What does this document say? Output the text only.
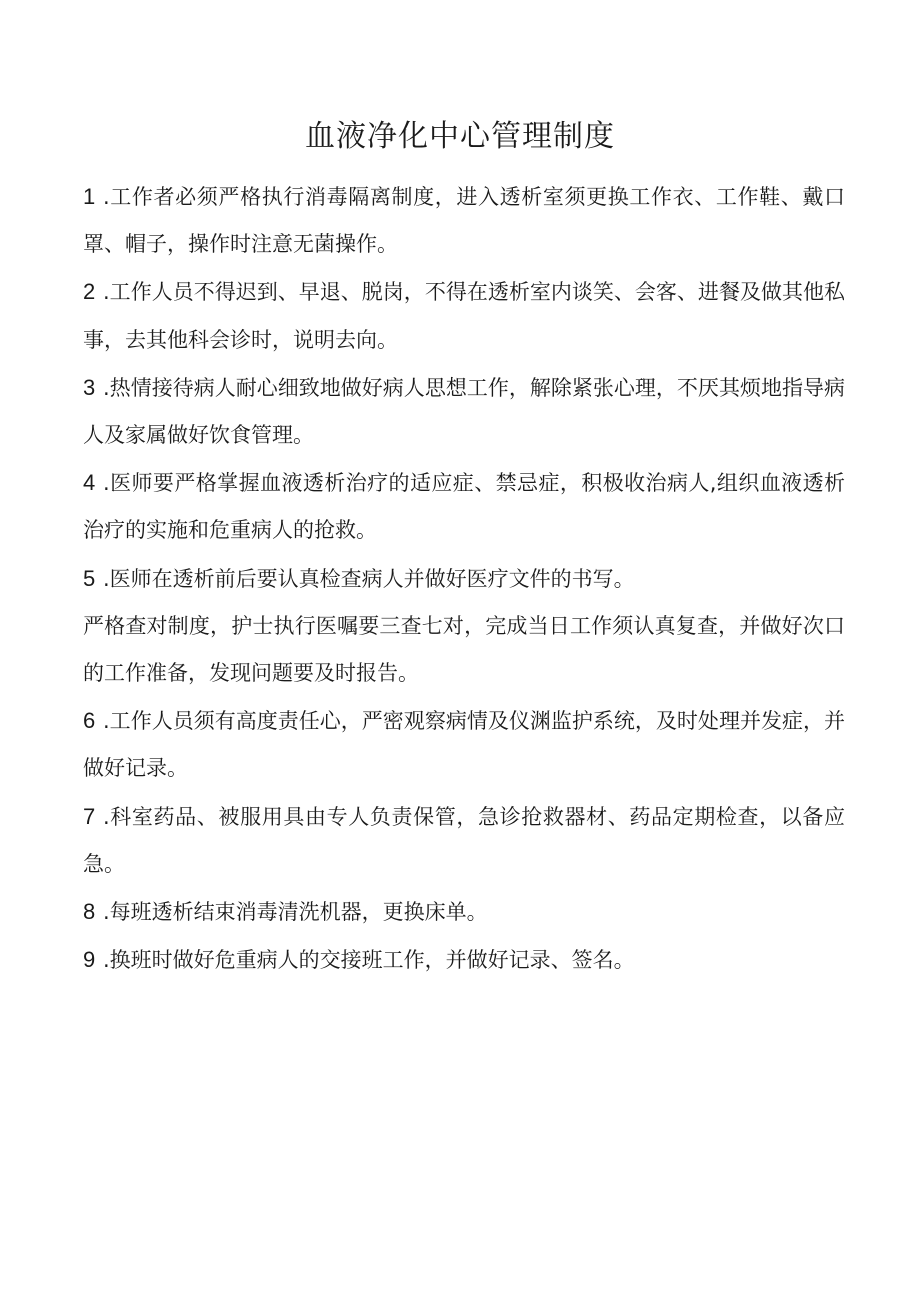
血液净化中心管理制度

1 .工作者必须严格执行消毒隔离制度，进入透析室须更换工作衣、工作鞋、戴口罩、帽子，操作时注意无菌操作。

2 .工作人员不得迟到、早退、脱岗，不得在透析室内谈笑、会客、进餐及做其他私事，去其他科会诊时，说明去向。

3 .热情接待病人耐心细致地做好病人思想工作，解除紧张心理，不厌其烦地指导病人及家属做好饮食管理。

4 .医师要严格掌握血液透析治疗的适应症、禁忌症，积极收治病人,组织血液透析治疗的实施和危重病人的抢救。

5 .医师在透析前后要认真检查病人并做好医疗文件的书写。

严格查对制度，护士执行医嘱要三查七对，完成当日工作须认真复查，并做好次口的工作准备，发现问题要及时报告。

6 .工作人员须有高度责任心，严密观察病情及仪渊监护系统，及时处理并发症，并做好记录。

7 .科室药品、被服用具由专人负责保管，急诊抢救器材、药品定期检查，以备应急。

8 .每班透析结束消毒清洗机器，更换床单。

9 .换班时做好危重病人的交接班工作，并做好记录、签名。
